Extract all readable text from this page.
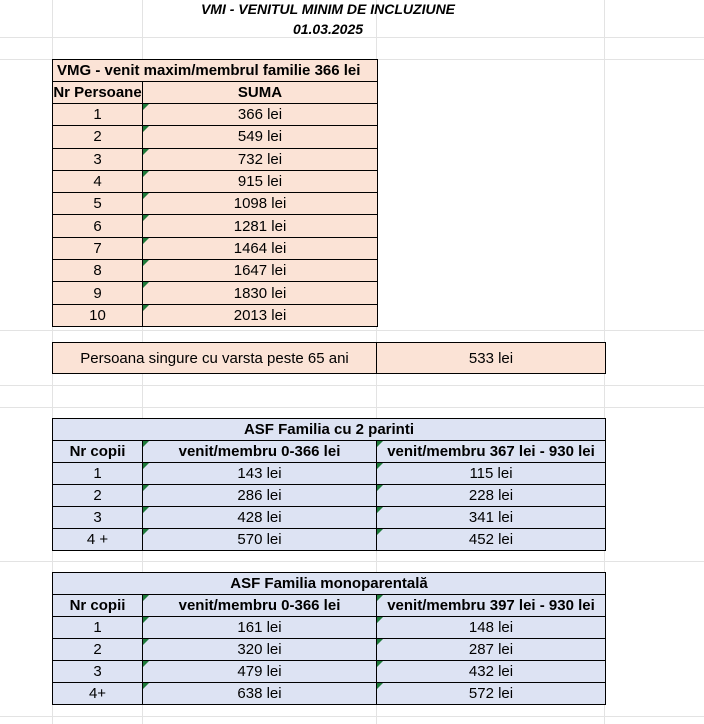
VMI - VENITUL MINIM DE INCLUZIUNE
01.03.2025
VMG - venit maxim/membrul familie 366 lei	
Nr Persoane	SUMA
1	366 lei
2	549 lei
3	732 lei
4	915 lei
5	1098 lei
6	1281 lei
7	1464 lei
8	1647 lei
9	1830 lei
10	2013 lei
Persoana singure cu varsta peste 65 ani	533 lei
ASF Familia cu 2 parinti		
Nr copii	venit/membru 0-366 lei	venit/membru 367 lei - 930 lei
1	143 lei	115 lei
2	286 lei	228 lei
3	428 lei	341 lei
4 +	570 lei	452 lei
ASF Familia monoparentală		
Nr copii	venit/membru 0-366 lei	venit/membru 397 lei - 930 lei
1	161 lei	148 lei
2	320 lei	287 lei
3	479 lei	432 lei
4+	638 lei	572 lei
